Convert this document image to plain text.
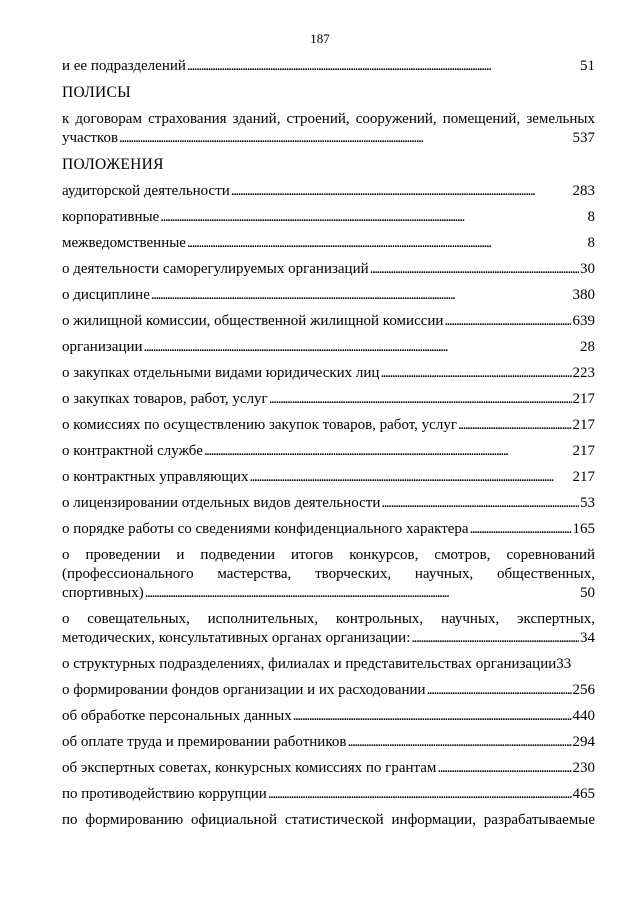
187
и ее подразделений . . .	51
ПОЛИСЫ
к договорам страхования зданий, строений, сооружений, помещений, земельных
участков . . .	537
ПОЛОЖЕНИЯ
аудиторской деятельности . . .	283
корпоративные . . .	8
межведомственные . . .	8
о деятельности саморегулируемых организаций . . .	30
о дисциплине . . .	380
о жилищной комиссии, общественной жилищной комиссии . . .	639
организации . . .	28
о закупках отдельными видами юридических лиц . . .	223
о закупках товаров, работ, услуг . . .	217
о комиссиях по осуществлению закупок товаров, работ, услуг . . .	217
о контрактной службе . . .	217
о контрактных управляющих . . .	217
о лицензировании отдельных видов деятельности . . .	53
о порядке работы со сведениями конфиденциального характера . . .	165
о проведении и подведении итогов конкурсов, смотров, соревнований
(профессионального мастерства, творческих, научных, общественных,
спортивных) . . .	50
о совещательных, исполнительных, контрольных, научных, экспертных,
методических, консультативных органах организации: . . .	34
о структурных подразделениях, филиалах и представительствах организации 33
о формировании фондов организации и их расходовании . . .	256
об обработке персональных данных . . .	440
об оплате труда и премировании работников . . .	294
об экспертных советах, конкурсных комиссиях по грантам . . .	230
по противодействию коррупции . . .	465
по формированию официальной статистической информации, разрабатываемые
